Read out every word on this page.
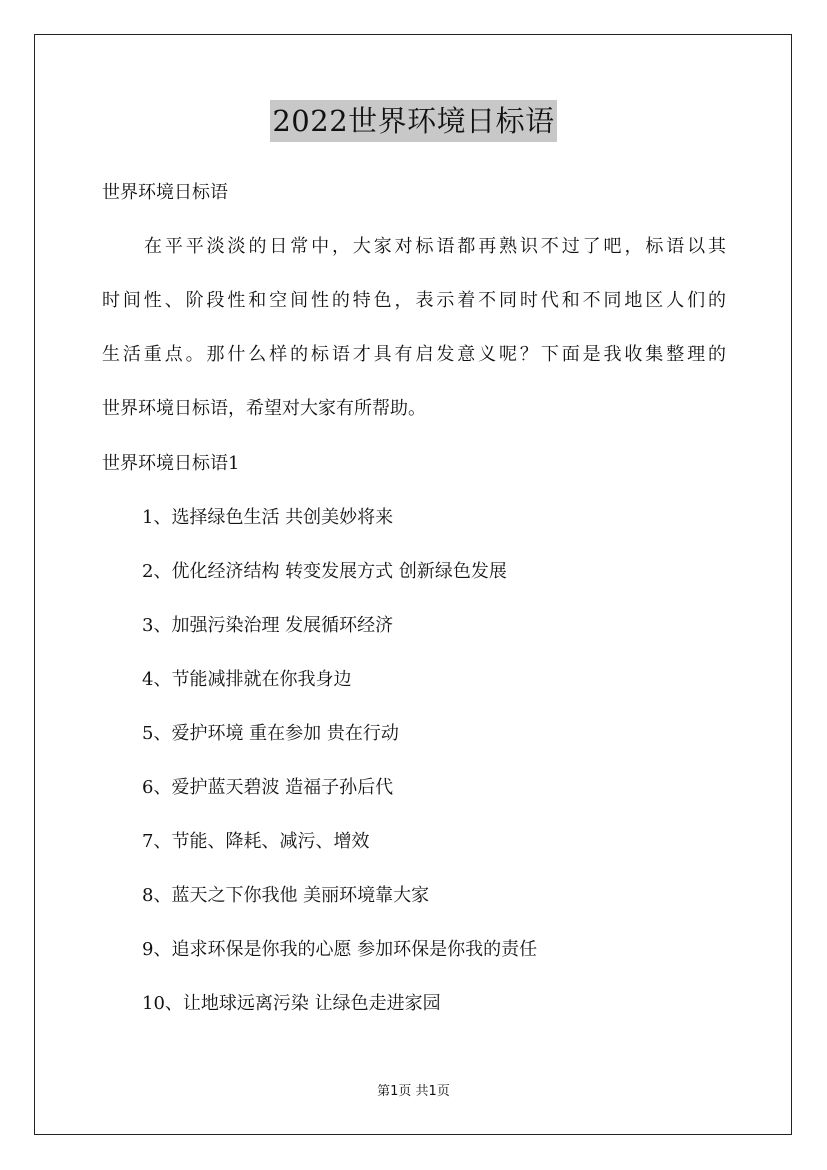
2022世界环境日标语
世界环境日标语
在平平淡淡的日常中，大家对标语都再熟识不过了吧，标语以其
时间性、阶段性和空间性的特色，表示着不同时代和不同地区人们的
生活重点。那什么样的标语才具有启发意义呢？下面是我收集整理的
世界环境日标语，希望对大家有所帮助。
世界环境日标语1
1、选择绿色生活 共创美妙将来
2、优化经济结构 转变发展方式 创新绿色发展
3、加强污染治理 发展循环经济
4、节能减排就在你我身边
5、爱护环境 重在参加 贵在行动
6、爱护蓝天碧波 造福子孙后代
7、节能、降耗、减污、增效
8、蓝天之下你我他 美丽环境靠大家
9、追求环保是你我的心愿 参加环保是你我的责任
10、让地球远离污染 让绿色走进家园
第1页 共1页
